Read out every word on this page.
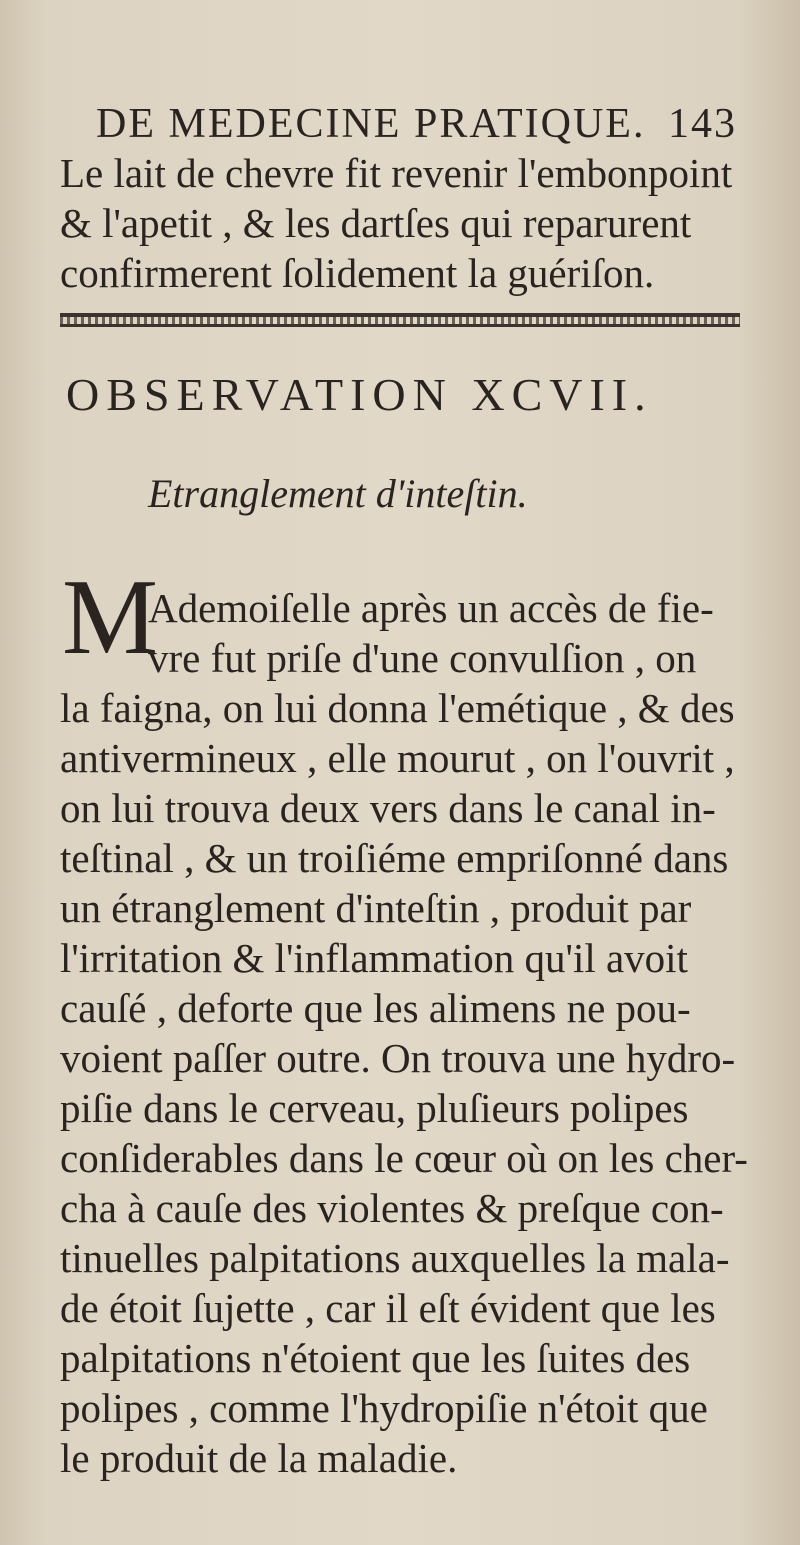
DE MEDECINE PRATIQUE. 143
Le lait de chevre fit revenir l'embonpoint
& l'apetit , & les dartſes qui reparurent
confirmerent ſolidement la guériſon.
OBSERVATION XCVII.
Etranglement d'inteſtin.
M
Ademoiſelle après un accès de fie-
vre fut priſe d'une convulſion , on
la faigna, on lui donna l'emétique , & des
antivermineux , elle mourut , on l'ouvrit ,
on lui trouva deux vers dans le canal in-
teſtinal , & un troiſiéme empriſonné dans
un étranglement d'inteſtin , produit par
l'irritation & l'inflammation qu'il avoit
cauſé , deforte que les alimens ne pou-
voient paſſer outre. On trouva une hydro-
piſie dans le cerveau, pluſieurs polipes
conſiderables dans le cœur où on les cher-
cha à cauſe des violentes & preſque con-
tinuelles palpitations auxquelles la mala-
de étoit ſujette , car il eſt évident que les
palpitations n'étoient que les ſuites des
polipes , comme l'hydropiſie n'étoit que
le produit de la maladie.
